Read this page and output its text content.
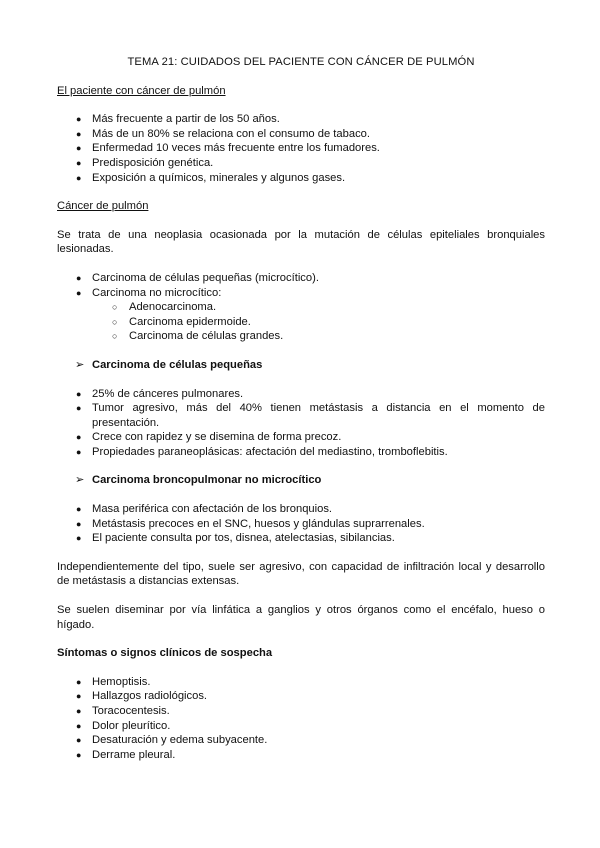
TEMA 21: CUIDADOS DEL PACIENTE CON CÁNCER DE PULMÓN
El paciente con cáncer de pulmón
● Más frecuente a partir de los 50 años.
● Más de un 80% se relaciona con el consumo de tabaco.
● Enfermedad 10 veces más frecuente entre los fumadores.
● Predisposición genética.
● Exposición a químicos, minerales y algunos gases.
Cáncer de pulmón
Se trata de una neoplasia ocasionada por la mutación de células epiteliales bronquiales lesionadas.
● Carcinoma de células pequeñas (microcítico).
● Carcinoma no microcítico:
○ Adenocarcinoma.
○ Carcinoma epidermoide.
○ Carcinoma de células grandes.
➢ Carcinoma de células pequeñas
● 25% de cánceres pulmonares.
● Tumor agresivo, más del 40% tienen metástasis a distancia en el momento de presentación.
● Crece con rapidez y se disemina de forma precoz.
● Propiedades paraneoplásicas: afectación del mediastino, tromboflebitis.
➢ Carcinoma broncopulmonar no microcítico
● Masa periférica con afectación de los bronquios.
● Metástasis precoces en el SNC, huesos y glándulas suprarrenales.
● El paciente consulta por tos, disnea, atelectasias, sibilancias.
Independientemente del tipo, suele ser agresivo, con capacidad de infiltración local y desarrollo de metástasis a distancias extensas.
Se suelen diseminar por vía linfática a ganglios y otros órganos como el encéfalo, hueso o hígado.
Síntomas o signos clínicos de sospecha
● Hemoptisis.
● Hallazgos radiológicos.
● Toracocentesis.
● Dolor pleurítico.
● Desaturación y edema subyacente.
● Derrame pleural.
